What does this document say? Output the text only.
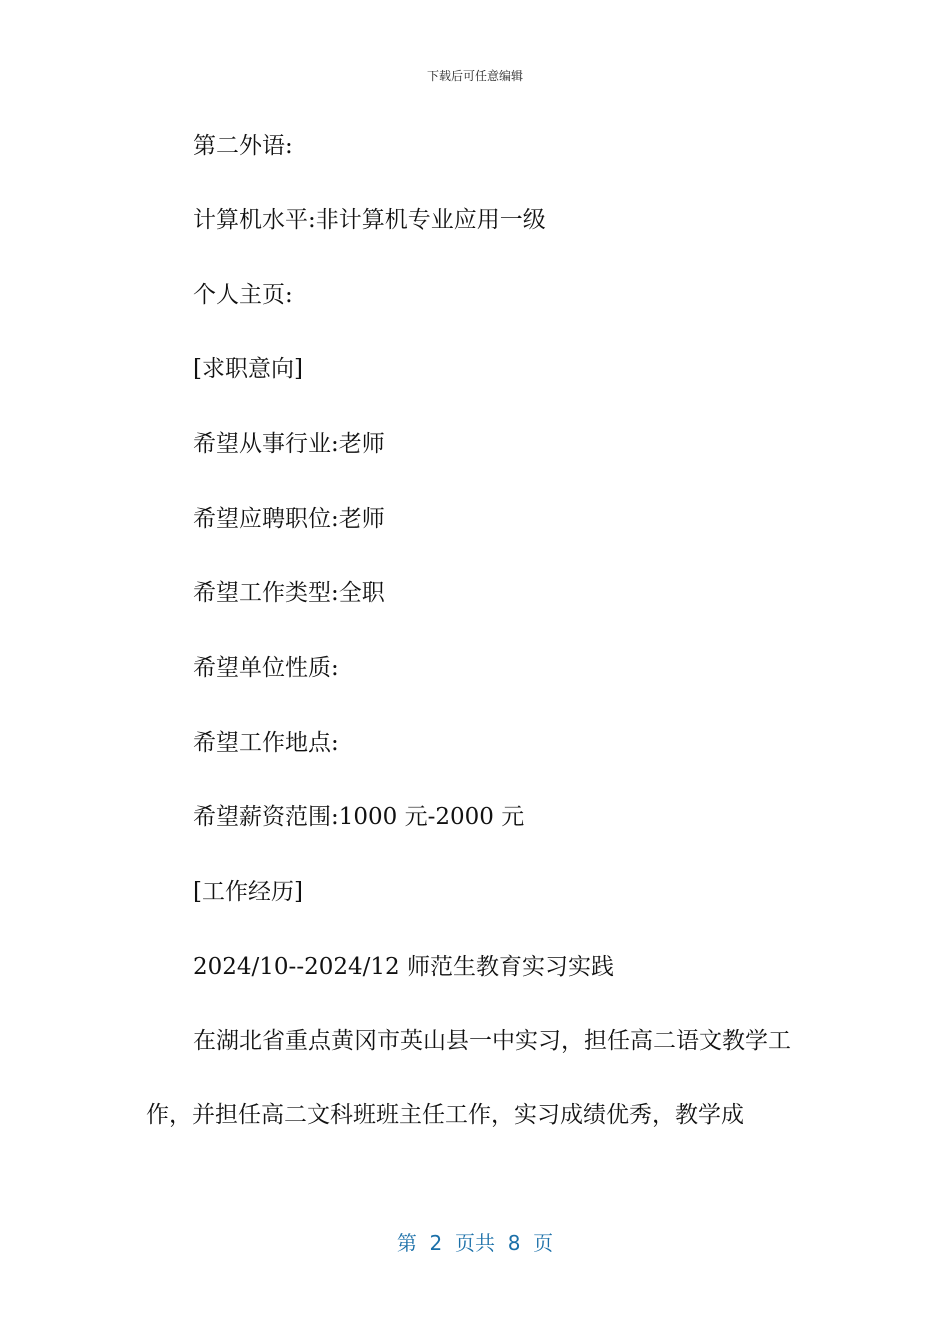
下载后可任意编辑
第二外语:
计算机水平:非计算机专业应用一级
个人主页:
[求职意向]
希望从事行业:老师
希望应聘职位:老师
希望工作类型:全职
希望单位性质:
希望工作地点:
希望薪资范围:1000 元-2000 元
[工作经历]
2024/10--2024/12 师范生教育实习实践
在湖北省重点黄冈市英山县一中实习，担任高二语文教学工作，并担任高二文科班班主任工作，实习成绩优秀，教学成
第  2  页共  8  页
